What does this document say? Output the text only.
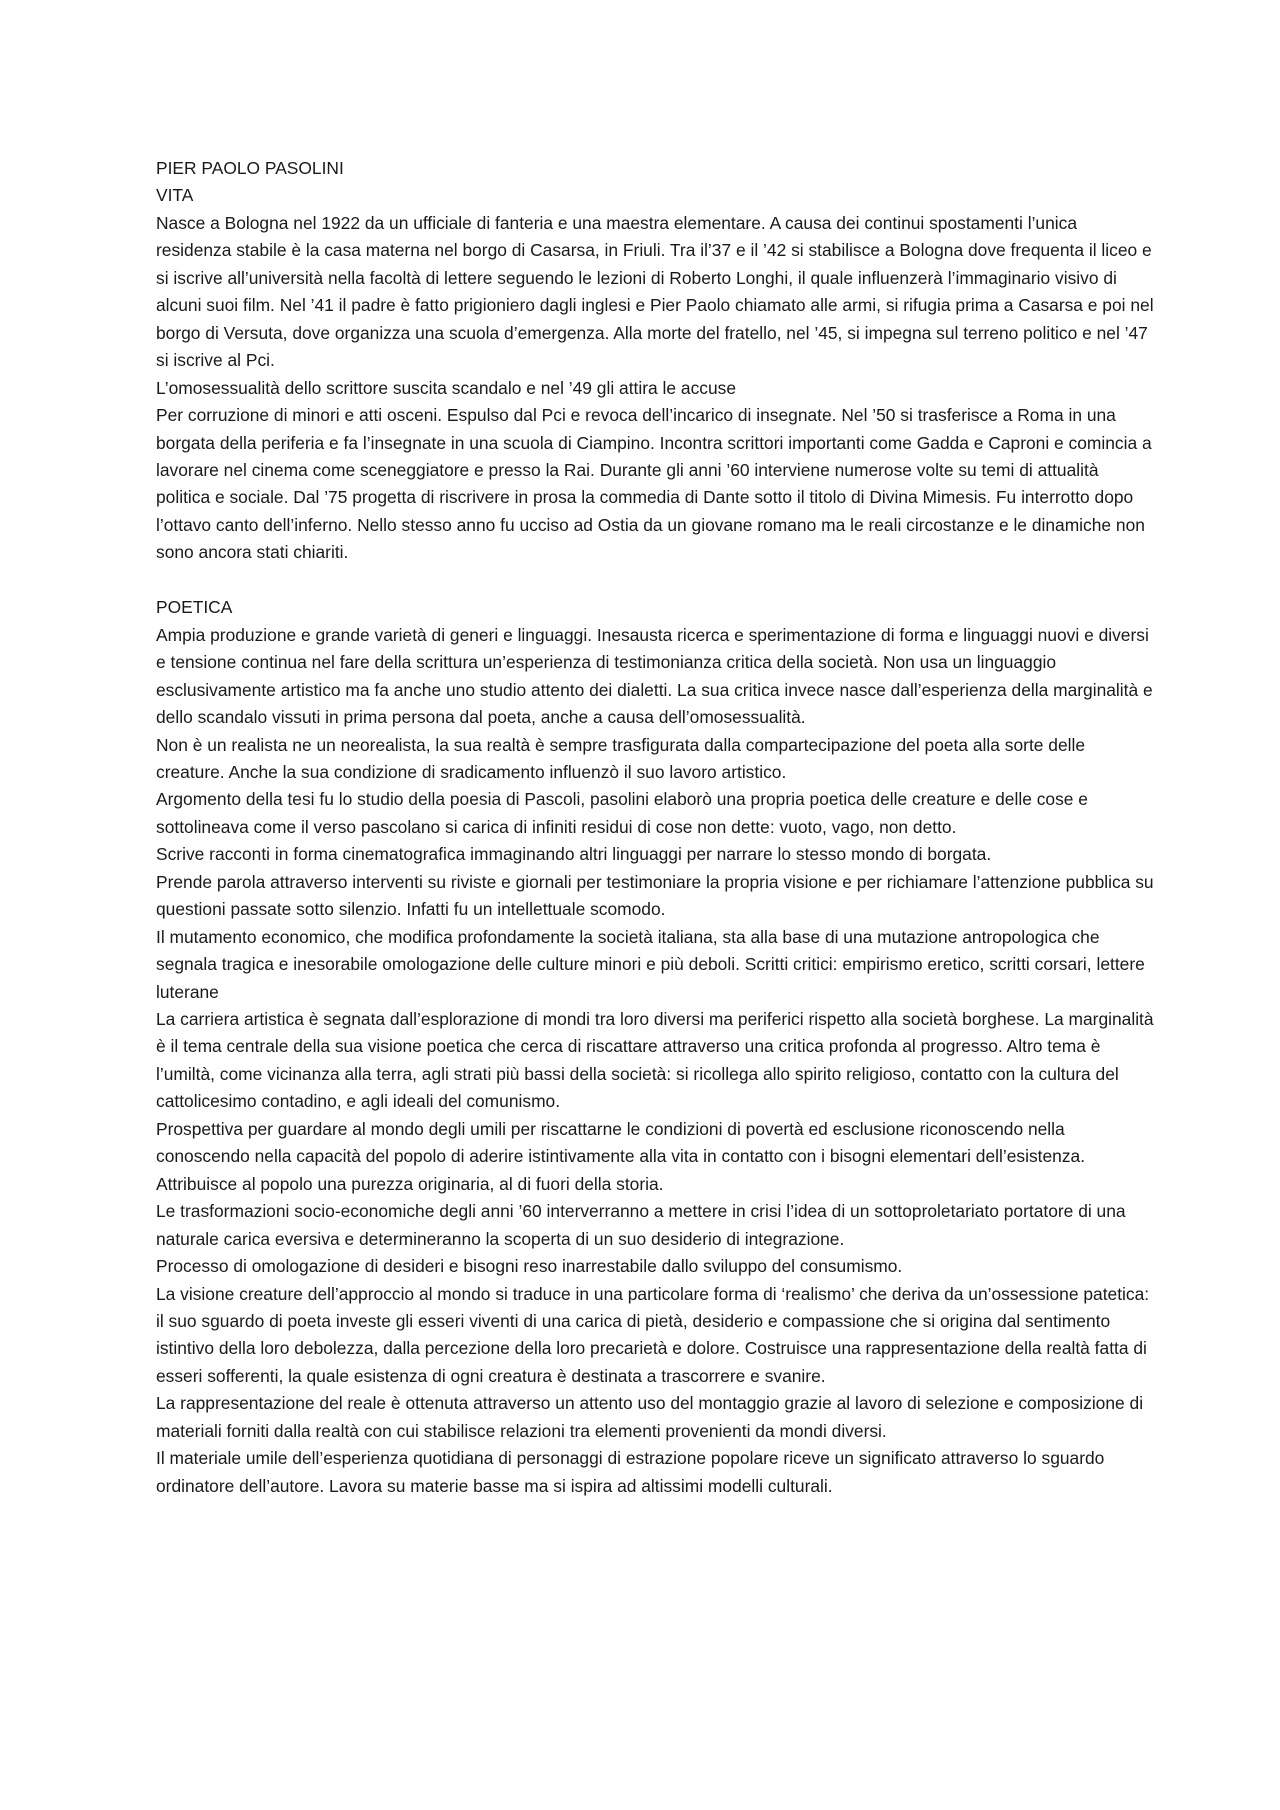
PIER PAOLO PASOLINI

VITA

Nasce a Bologna nel 1922 da un ufficiale di fanteria e una maestra elementare. A causa dei continui spostamenti l’unica residenza stabile è la casa materna nel borgo di Casarsa, in Friuli. Tra il’37 e il ’42 si stabilisce a Bologna dove frequenta il liceo e si iscrive all’università nella facoltà di lettere seguendo le lezioni di Roberto Longhi, il quale influenzerà l’immaginario visivo di alcuni suoi film. Nel ’41 il padre è fatto prigioniero dagli inglesi e Pier Paolo chiamato alle armi, si rifugia prima a Casarsa e poi nel borgo di Versuta, dove organizza una scuola d’emergenza. Alla morte del fratello, nel ’45, si impegna sul terreno politico e nel ’47 si iscrive al Pci.

L’omosessualità dello scrittore suscita scandalo e nel ’49 gli attira le accuse

Per corruzione di minori e atti osceni. Espulso dal Pci e revoca dell’incarico di insegnate. Nel ’50 si trasferisce a Roma in una borgata della periferia e fa l’insegnate in una scuola di Ciampino. Incontra scrittori importanti come Gadda e Caproni e comincia a lavorare nel cinema come sceneggiatore e presso la Rai. Durante gli anni ’60 interviene numerose volte su temi di attualità politica e sociale. Dal ’75 progetta di riscrivere in prosa la commedia di Dante sotto il titolo di Divina Mimesis. Fu interrotto dopo l’ottavo canto dell’inferno. Nello stesso anno fu ucciso ad Ostia da un giovane romano ma le reali circostanze e le dinamiche non sono ancora stati chiariti.

POETICA

Ampia produzione e grande varietà di generi e linguaggi. Inesausta ricerca e sperimentazione di forma e linguaggi nuovi e diversi e tensione continua nel fare della scrittura un’esperienza di testimonianza critica della società. Non usa un linguaggio esclusivamente artistico ma fa anche uno studio attento dei dialetti. La sua critica invece nasce dall’esperienza della marginalità e dello scandalo vissuti in prima persona dal poeta, anche a causa dell’omosessualità.

Non è un realista ne un neorealista, la sua realtà è sempre trasfigurata dalla compartecipazione del poeta alla sorte delle creature. Anche la sua condizione di sradicamento influenzò il suo lavoro artistico.

Argomento della tesi fu lo studio della poesia di Pascoli, pasolini elaborò una propria poetica delle creature e delle cose e sottolineava come il verso pascolano si carica di infiniti residui di cose non dette: vuoto, vago, non detto.

Scrive racconti in forma cinematografica immaginando altri linguaggi per narrare lo stesso mondo di borgata.

Prende parola attraverso interventi su riviste e giornali per testimoniare la propria visione e per richiamare l’attenzione pubblica su questioni passate sotto silenzio. Infatti fu un intellettuale scomodo.

Il mutamento economico, che modifica profondamente la società italiana, sta alla base di una mutazione antropologica che segnala tragica e inesorabile omologazione delle culture minori e più deboli. Scritti critici: empirismo eretico, scritti corsari, lettere luterane

La carriera artistica è segnata dall’esplorazione di mondi tra loro diversi ma periferici rispetto alla società borghese. La marginalità è il tema centrale della sua visione poetica che cerca di riscattare attraverso una critica profonda al progresso. Altro tema è l’umiltà, come vicinanza alla terra, agli strati più bassi della società: si ricollega allo spirito religioso, contatto con la cultura del cattolicesimo contadino, e agli ideali del comunismo.

Prospettiva per guardare al mondo degli umili per riscattarne le condizioni di povertà ed esclusione riconoscendo nella conoscendo nella capacità del popolo di aderire istintivamente alla vita in contatto con i bisogni elementari dell’esistenza.

Attribuisce al popolo una purezza originaria, al di fuori della storia.

Le trasformazioni socio-economiche degli anni ’60 interverranno a mettere in crisi l’idea di un sottoproletariato portatore di una naturale carica eversiva e determineranno la scoperta di un suo desiderio di integrazione.

Processo di omologazione di desideri e bisogni reso inarrestabile dallo sviluppo del consumismo.

La visione creature dell’approccio al mondo si traduce in una particolare forma di ‘realismo’ che deriva da un’ossessione patetica: il suo sguardo di poeta investe gli esseri viventi di una carica di pietà, desiderio e compassione che si origina dal sentimento istintivo della loro debolezza, dalla percezione della loro precarietà e dolore. Costruisce una rappresentazione della realtà fatta di esseri sofferenti, la quale esistenza di ogni creatura è destinata a trascorrere e svanire.

La rappresentazione del reale è ottenuta attraverso un attento uso del montaggio grazie al lavoro di selezione e composizione di materiali forniti dalla realtà con cui stabilisce relazioni tra elementi provenienti da mondi diversi.

Il materiale umile dell’esperienza quotidiana di personaggi di estrazione popolare riceve un significato attraverso lo sguardo ordinatore dell’autore. Lavora su materie basse ma si ispira ad altissimi modelli culturali.
